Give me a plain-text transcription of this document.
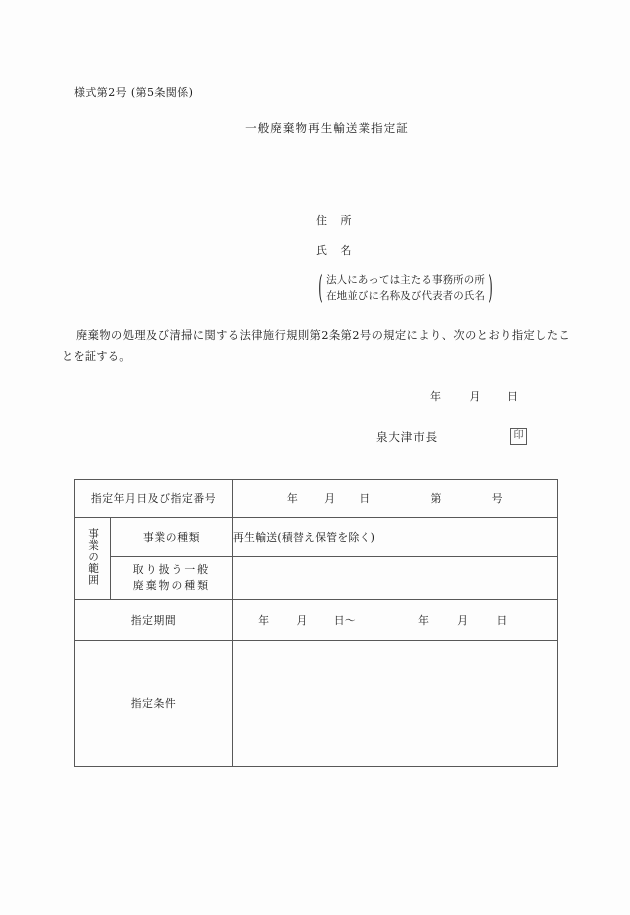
様式第2号 (第5条関係)
一般廃棄物再生輸送業指定証
住 所
氏 名
( 法人にあっては主たる事務所の所
在地並びに名称及び代表者の氏名 )
廃棄物の処理及び清掃に関する法律施行規則第2条第2号の規定により、次のとおり指定したことを証する。
年	月 日
泉大津市長	印
指定年月日及び指定番号		年 月 日 第 号
事業の範囲	事業の種類	再生輸送(積替え保管を除く)

	取り扱う一般
廃棄物の種類	

指定期間		年 月 日〜 年 月 日
指定条件		
